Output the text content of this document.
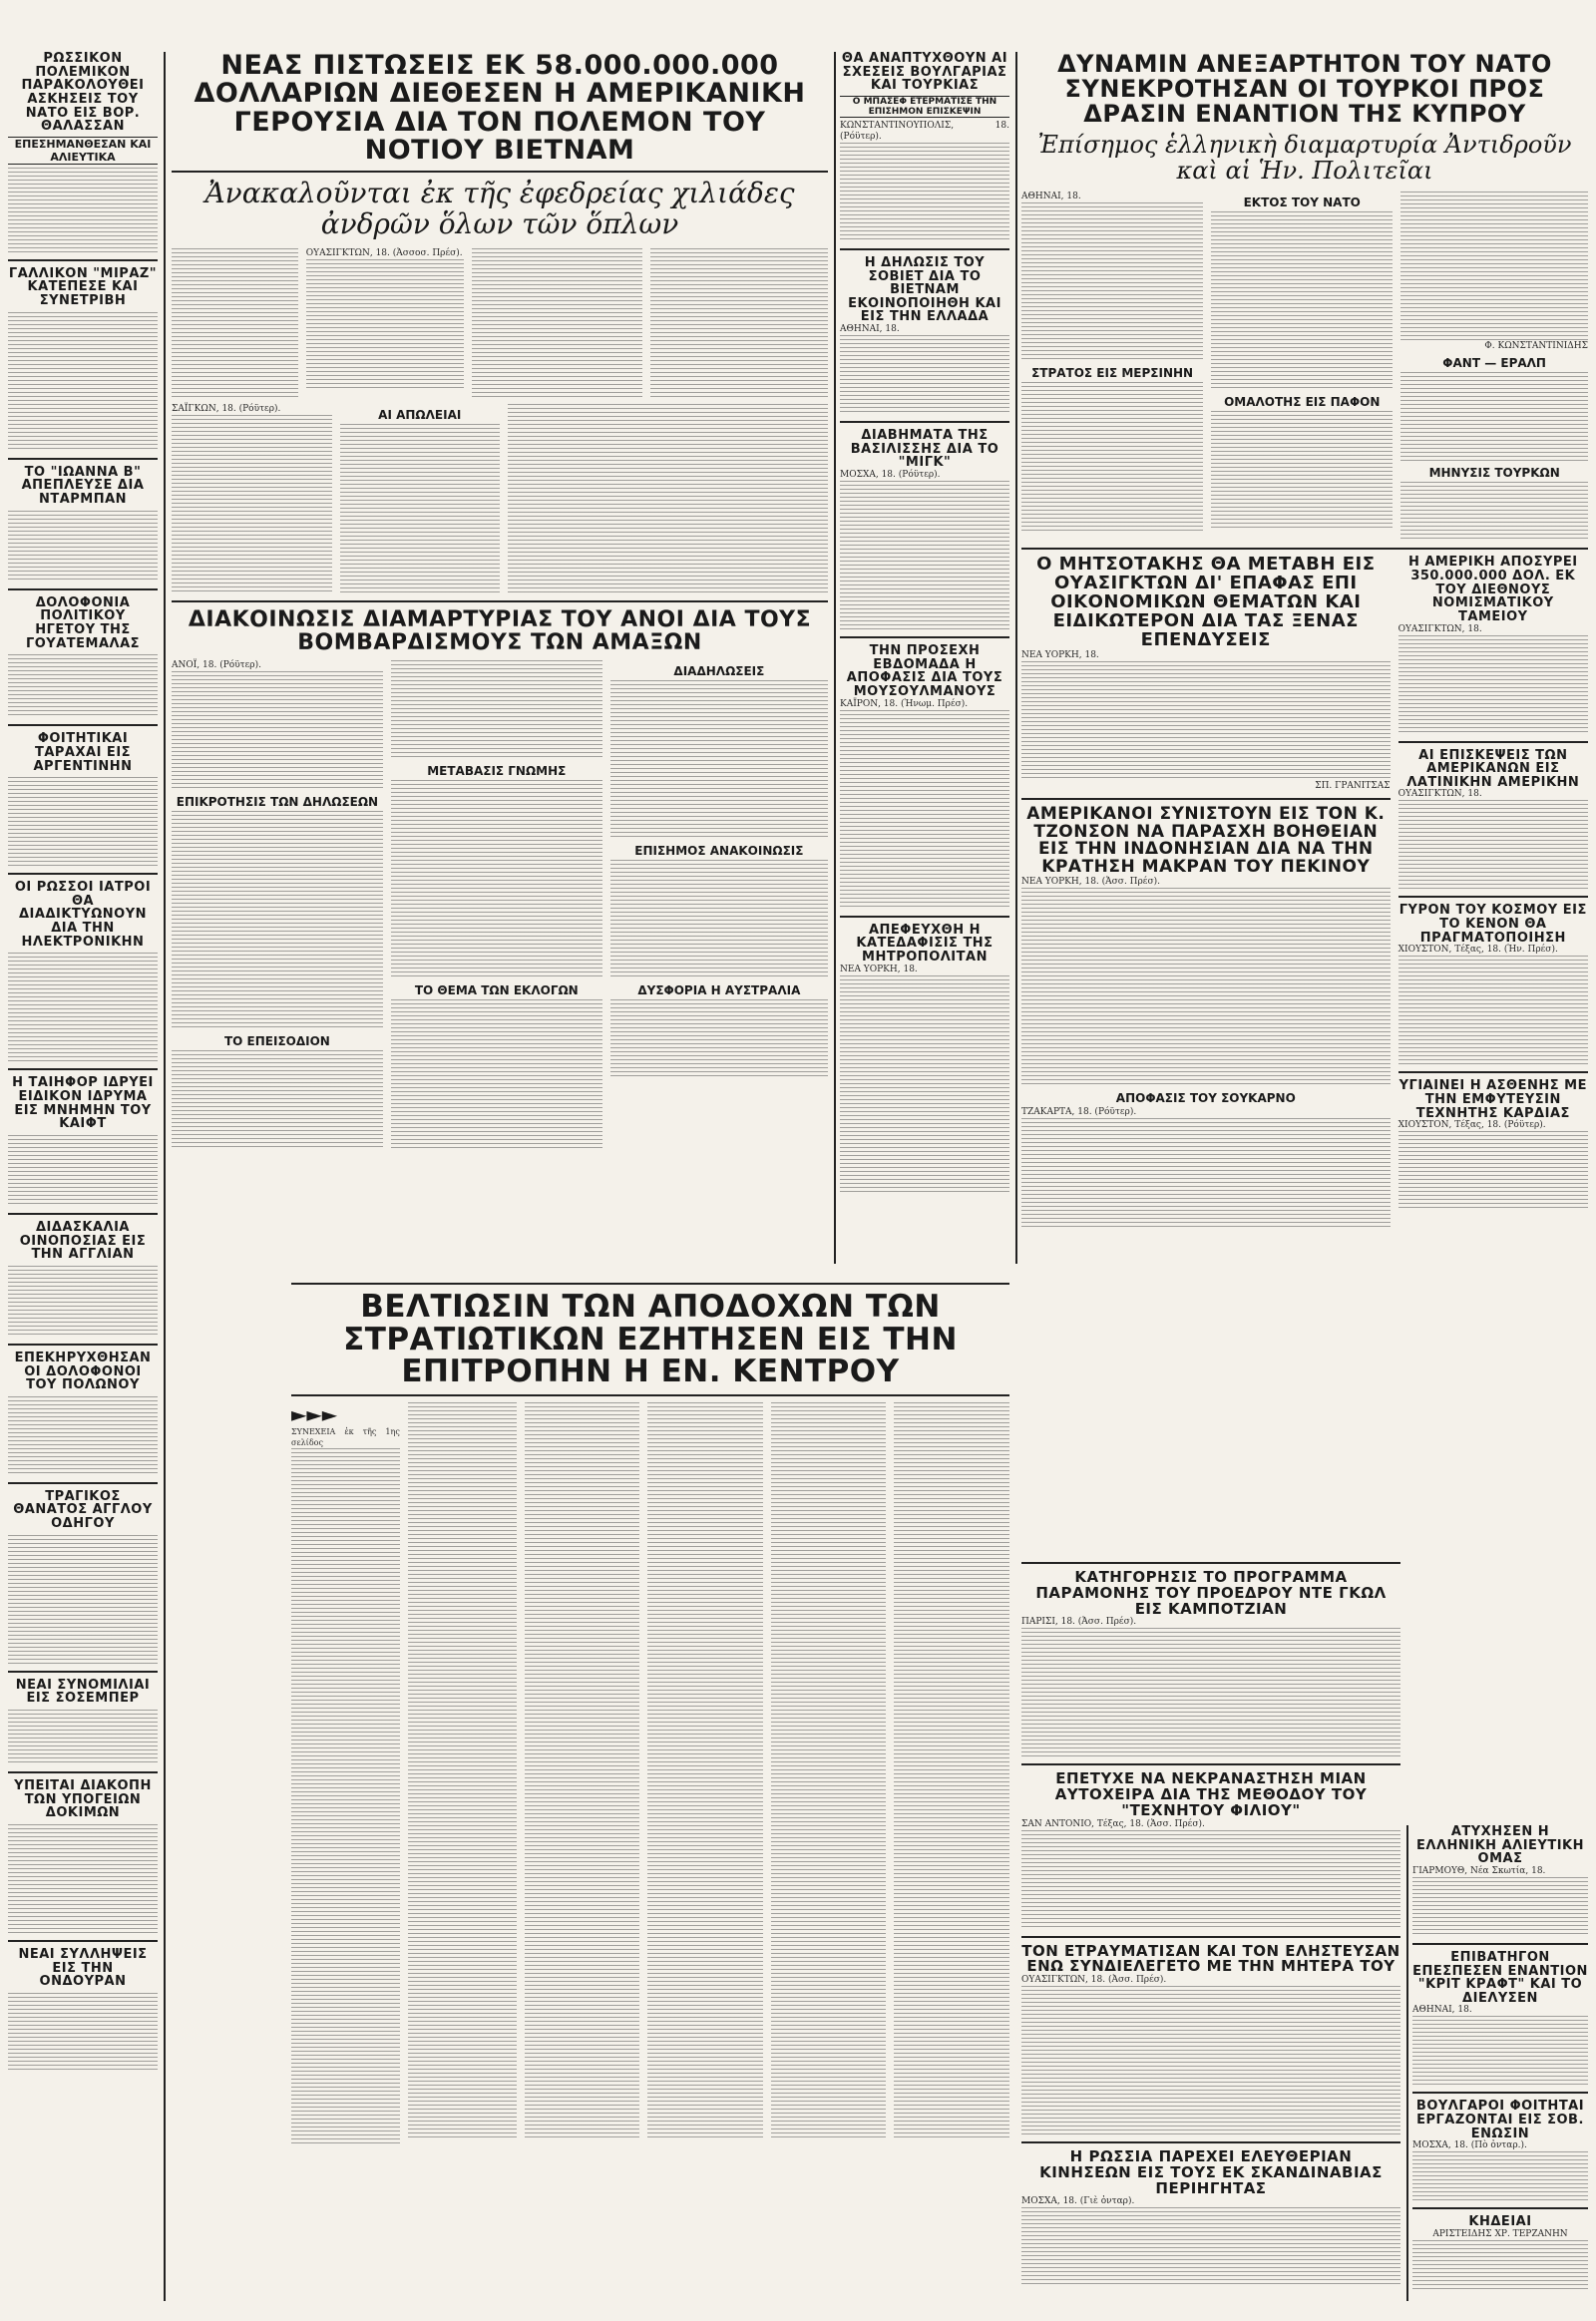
ΡΩΣΣΙΚΟΝ ΠΟΛΕΜΙΚΟΝ ΠΑΡΑΚΟΛΟΥΘΕΙ ΑΣΚΗΣΕΙΣ ΤΟΥ ΝΑΤΟ ΕΙΣ ΒΟΡ. ΘΑΛΑΣΣΑΝ
ΕΠΕΣΗΜΑΝΘΕΣΑΝ ΚΑΙ ΑΛΙΕΥΤΙΚΑ
ΓΑΛΛΙΚΟΝ "ΜΙΡΑΖ" ΚΑΤΕΠΕΣΕ ΚΑΙ ΣΥΝΕΤΡΙΒΗ
ΤΟ "ΙΩΑΝΝΑ Β" ΑΠΕΠΛΕΥΣΕ ΔΙΑ ΝΤΑΡΜΠΑΝ
ΔΟΛΟΦΟΝΙΑ ΠΟΛΙΤΙΚΟΥ ΗΓΕΤΟΥ ΤΗΣ ΓΟΥΑΤΕΜΑΛΑΣ
ΦΟΙΤΗΤΙΚΑΙ ΤΑΡΑΧΑΙ ΕΙΣ ΑΡΓΕΝΤΙΝΗΝ
ΟΙ ΡΩΣΣΟΙ ΙΑΤΡΟΙ ΘΑ ΔΙΑΔΙΚΤΥΩΝΟΥΝ ΔΙΑ ΤΗΝ ΗΛΕΚΤΡΟΝΙΚΗΝ
Η ΤΑΙΗΦΟΡ ΙΔΡΥΕΙ ΕΙΔΙΚΟΝ ΙΔΡΥΜΑ ΕΙΣ ΜΝΗΜΗΝ ΤΟΥ ΚΑΙΦΤ
ΔΙΔΑΣΚΑΛΙΑ ΟΙΝΟΠΟΣΙΑΣ ΕΙΣ ΤΗΝ ΑΓΓΛΙΑΝ
ΕΠΕΚΗΡΥΧΘΗΣΑΝ ΟΙ ΔΟΛΟΦΟΝΟΙ ΤΟΥ ΠΟΛΩΝΟΥ
ΤΡΑΓΙΚΟΣ ΘΑΝΑΤΟΣ ΑΓΓΛΟΥ ΟΔΗΓΟΥ
ΝΕΑΙ ΣΥΝΟΜΙΛΙΑΙ ΕΙΣ ΣΟΣΕΜΠΕΡ
ΥΠΕΙΤΑΙ ΔΙΑΚΟΠΗ ΤΩΝ ΥΠΟΓΕΙΩΝ ΔΟΚΙΜΩΝ
ΝΕΑΙ ΣΥΛΛΗΨΕΙΣ ΕΙΣ ΤΗΝ ΟΝΔΟΥΡΑΝ
ΝΕΑΣ ΠΙΣΤΩΣΕΙΣ ΕΚ 58.000.000.000 ΔΟΛΛΑΡΙΩΝ ΔΙΕΘΕΣΕΝ Η ΑΜΕΡΙΚΑΝΙΚΗ ΓΕΡΟΥΣΙΑ ΔΙΑ ΤΟΝ ΠΟΛΕΜΟΝ ΤΟΥ ΝΟΤΙΟΥ ΒΙΕΤΝΑΜ
Ἀνακαλοῦνται ἐκ τῆς ἐφεδρείας χιλιάδες ἀνδρῶν ὅλων τῶν ὅπλων
ΟΥΑΣΙΓΚΤΩΝ, 18. (Ἀσσοσ. Πρέσ).
ΣΑΪΓΚΩΝ, 18. (Ρόϋτερ).	ΑΙ ΑΠΩΛΕΙΑΙ
ΔΙΑΚΟΙΝΩΣΙΣ ΔΙΑΜΑΡΤΥΡΙΑΣ ΤΟΥ ΑΝΟΙ ΔΙΑ ΤΟΥΣ ΒΟΜΒΑΡΔΙΣΜΟΥΣ ΤΩΝ ΑΜΑΞΩΝ
ΑΝΟΪ, 18. (Ρόϋτερ).
ΕΠΙΚΡΟΤΗΣΙΣ ΤΩΝ ΔΗΛΩΣΕΩΝ
ΤΟ ΕΠΕΙΣΟΔΙΟΝ
ΜΕΤΑΒΑΣΙΣ ΓΝΩΜΗΣ
ΤΟ ΘΕΜΑ ΤΩΝ ΕΚΛΟΓΩΝ
ΔΙΑΔΗΛΩΣΕΙΣ
ΕΠΙΣΗΜΟΣ ΑΝΑΚΟΙΝΩΣΙΣ
ΔΥΣΦΟΡΙΑ Η ΑΥΣΤΡΑΛΙΑ
ΘΑ ΑΝΑΠΤΥΧΘΟΥΝ ΑΙ ΣΧΕΣΕΙΣ ΒΟΥΛΓΑΡΙΑΣ ΚΑΙ ΤΟΥΡΚΙΑΣ
Ο ΜΠΑΣΕΦ ΕΤΕΡΜΑΤΙΣΕ ΤΗΝ ΕΠΙΣΗΜΟΝ ΕΠΙΣΚΕΨΙΝ
ΚΩΝΣΤΑΝΤΙΝΟΥΠΟΛΙΣ, 18. (Ρόϋτερ).
Η ΔΗΛΩΣΙΣ ΤΟΥ ΣΟΒΙΕΤ ΔΙΑ ΤΟ ΒΙΕΤΝΑΜ ΕΚΟΙΝΟΠΟΙΗΘΗ ΚΑΙ ΕΙΣ ΤΗΝ ΕΛΛΑΔΑ
ΑΘΗΝΑΙ, 18.
ΔΙΑΒΗΜΑΤΑ ΤΗΣ ΒΑΣΙΛΙΣΣΗΣ ΔΙΑ ΤΟ "ΜΙΓΚ"
ΜΟΣΧΑ, 18. (Ρόϋτερ).
ΤΗΝ ΠΡΟΣΕΧΗ ΕΒΔΟΜΑΔΑ Η ΑΠΟΦΑΣΙΣ ΔΙΑ ΤΟΥΣ ΜΟΥΣΟΥΛΜΑΝΟΥΣ
ΚΑΪΡΟΝ, 18. (Ἡνωμ. Πρέσ).
ΑΠΕΦΕΥΧΘΗ Η ΚΑΤΕΔΑΦΙΣΙΣ ΤΗΣ ΜΗΤΡΟΠΟΛΙΤΑΝ
ΝΕΑ ΥΟΡΚΗ, 18.
ΔΥΝΑΜΙΝ ΑΝΕΞΑΡΤΗΤΟΝ ΤΟΥ ΝΑΤΟ ΣΥΝΕΚΡΟΤΗΣΑΝ ΟΙ ΤΟΥΡΚΟΙ ΠΡΟΣ ΔΡΑΣΙΝ ΕΝΑΝΤΙΟΝ ΤΗΣ ΚΥΠΡΟΥ
Ἐπίσημος ἑλληνικὴ διαμαρτυρία Ἀντιδροῦν καὶ αἱ Ἡν. Πολιτεῖαι
ΑΘΗΝΑΙ, 18.
ΣΤΡΑΤΟΣ ΕΙΣ ΜΕΡΣΙΝΗΝ
ΕΚΤΟΣ ΤΟΥ ΝΑΤΟ
ΟΜΑΛΟΤΗΣ ΕΙΣ ΠΑΦΟΝ
Φ. ΚΩΝΣΤΑΝΤΙΝΙΔΗΣ
ΦΑΝΤ — ΕΡΑΛΠ
ΜΗΝΥΣΙΣ ΤΟΥΡΚΩΝ
Ο ΜΗΤΣΟΤΑΚΗΣ ΘΑ ΜΕΤΑΒΗ ΕΙΣ ΟΥΑΣΙΓΚΤΩΝ ΔΙ' ΕΠΑΦΑΣ ΕΠΙ ΟΙΚΟΝΟΜΙΚΩΝ ΘΕΜΑΤΩΝ ΚΑΙ ΕΙΔΙΚΩΤΕΡΟΝ ΔΙΑ ΤΑΣ ΞΕΝΑΣ ΕΠΕΝΔΥΣΕΙΣ
ΝΕΑ ΥΟΡΚΗ, 18.
ΣΠ. ΓΡΑΝΙΤΣΑΣ
ΑΜΕΡΙΚΑΝΟΙ ΣΥΝΙΣΤΟΥΝ ΕΙΣ ΤΟΝ Κ. ΤΖΟΝΣΟΝ ΝΑ ΠΑΡΑΣΧΗ ΒΟΗΘΕΙΑΝ ΕΙΣ ΤΗΝ ΙΝΔΟΝΗΣΙΑΝ ΔΙΑ ΝΑ ΤΗΝ ΚΡΑΤΗΣΗ ΜΑΚΡΑΝ ΤΟΥ ΠΕΚΙΝΟΥ
ΝΕΑ ΥΟΡΚΗ, 18. (Ἀσσ. Πρέσ).
ΑΠΟΦΑΣΙΣ ΤΟΥ ΣΟΥΚΑΡΝΟ
ΤΖΑΚΑΡΤΑ, 18. (Ρόϋτερ).
Η ΑΜΕΡΙΚΗ ΑΠΟΣΥΡΕΙ 350.000.000 ΔΟΛ. ΕΚ ΤΟΥ ΔΙΕΘΝΟΥΣ ΝΟΜΙΣΜΑΤΙΚΟΥ ΤΑΜΕΙΟΥ
ΟΥΑΣΙΓΚΤΩΝ, 18.
ΑΙ ΕΠΙΣΚΕΨΕΙΣ ΤΩΝ ΑΜΕΡΙΚΑΝΩΝ ΕΙΣ ΛΑΤΙΝΙΚΗΝ ΑΜΕΡΙΚΗΝ
ΟΥΑΣΙΓΚΤΩΝ, 18.
ΓΥΡΟΝ ΤΟΥ ΚΟΣΜΟΥ ΕΙΣ ΤΟ ΚΕΝΟΝ ΘΑ ΠΡΑΓΜΑΤΟΠΟΙΗΣΗ
ΧΙΟΥΣΤΟΝ, Τέξας, 18. (Ἡν. Πρέσ).
ΥΓΙΑΙΝΕΙ Η ΑΣΘΕΝΗΣ ΜΕ ΤΗΝ ΕΜΦΥΤΕΥΣΙΝ ΤΕΧΝΗΤΗΣ ΚΑΡΔΙΑΣ
ΧΙΟΥΣΤΟΝ, Τέξας, 18. (Ρόϋτερ).
ΒΕΛΤΙΩΣΙΝ ΤΩΝ ΑΠΟΔΟΧΩΝ ΤΩΝ ΣΤΡΑΤΙΩΤΙΚΩΝ ΕΖΗΤΗΣΕΝ ΕΙΣ ΤΗΝ ΕΠΙΤΡΟΠΗΝ Η ΕΝ. ΚΕΝΤΡΟΥ
►►►
ΣΥΝΕΧΕΙΑ ἐκ τῆς 1ης σελίδος
ΚΑΤΗΓΟΡΗΣΙΣ ΤΟ ΠΡΟΓΡΑΜΜΑ ΠΑΡΑΜΟΝΗΣ ΤΟΥ ΠΡΟΕΔΡΟΥ ΝΤΕ ΓΚΩΛ ΕΙΣ ΚΑΜΠΟΤΖΙΑΝ
ΠΑΡΙΣΙ, 18. (Ἀσσ. Πρέσ).
ΕΠΕΤΥΧΕ ΝΑ ΝΕΚΡΑΝΑΣΤΗΣΗ ΜΙΑΝ ΑΥΤΟΧΕΙΡΑ ΔΙΑ ΤΗΣ ΜΕΘΟΔΟΥ ΤΟΥ "ΤΕΧΝΗΤΟΥ ΦΙΛΙΟΥ"
ΣΑΝ ΑΝΤΟΝΙΟ, Τέξας, 18. (Ἀσσ. Πρέσ).
ΤΟΝ ΕΤΡΑΥΜΑΤΙΣΑΝ ΚΑΙ ΤΟΝ ΕΛΗΣΤΕΥΣΑΝ ΕΝΩ ΣΥΝΔΙΕΛΕΓΕΤΟ ΜΕ ΤΗΝ ΜΗΤΕΡΑ ΤΟΥ
ΟΥΑΣΙΓΚΤΩΝ, 18. (Ἀσσ. Πρέσ).
Η ΡΩΣΣΙΑ ΠΑΡΕΧΕΙ ΕΛΕΥΘΕΡΙΑΝ ΚΙΝΗΣΕΩΝ ΕΙΣ ΤΟΥΣ ΕΚ ΣΚΑΝΔΙΝΑΒΙΑΣ ΠΕΡΙΗΓΗΤΑΣ
ΜΟΣΧΑ, 18. (Γιὲ ὀνταρ).
ΑΤΥΧΗΣΕΝ Η ΕΛΛΗΝΙΚΗ ΑΛΙΕΥΤΙΚΗ ΟΜΑΣ
ΓΙΑΡΜΟΥΘ, Νέα Σκωτία, 18.
ΕΠΙΒΑΤΗΓΟΝ ΕΠΕΣΠΕΣΕΝ ΕΝΑΝΤΙΟΝ "ΚΡΙΤ ΚΡΑΦΤ" ΚΑΙ ΤΟ ΔΙΕΛΥΣΕΝ
ΑΘΗΝΑΙ, 18.
ΒΟΥΛΓΑΡΟΙ ΦΟΙΤΗΤΑΙ ΕΡΓΑΖΟΝΤΑΙ ΕΙΣ ΣΟΒ. ΕΝΩΣΙΝ
ΜΟΣΧΑ, 18. (Πὸ ὀνταρ.).
ΚΗΔΕΙΑΙ
ΑΡΙΣΤΕΙΔΗΣ ΧΡ. ΤΕΡΖΑΝΗΝ
